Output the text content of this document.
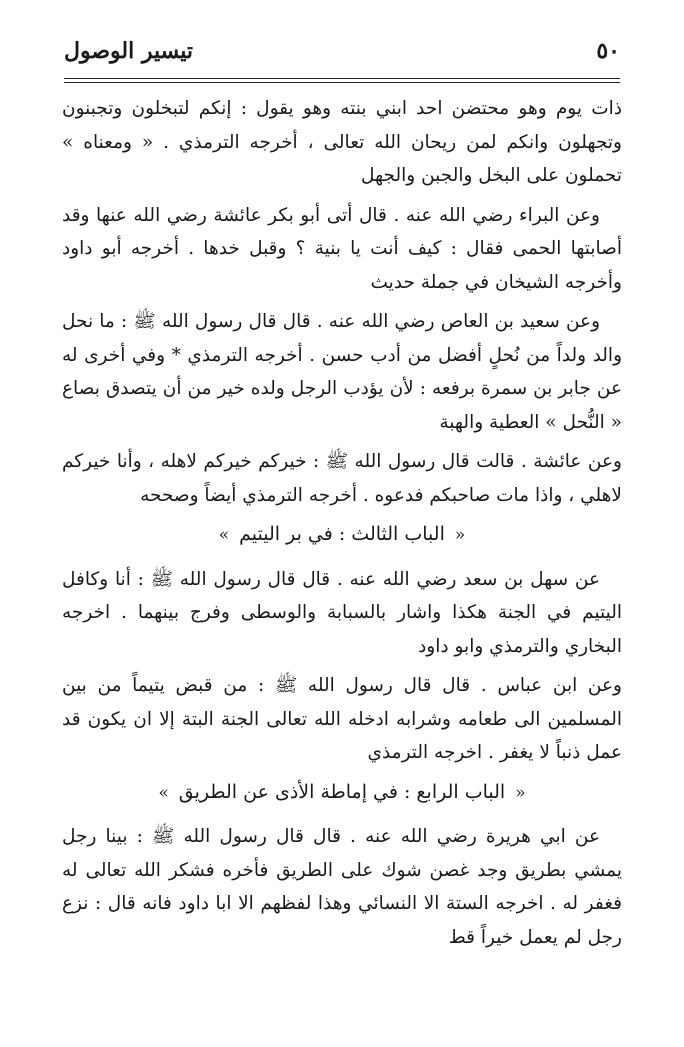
٥٠
تيسير الوصول

ذات يوم وهو محتضن احد ابني بنته وهو يقول : إنكم لتبخلون وتجبنون وتجهلون وانكم لمن ريحان الله تعالى ، أخرجه الترمذي . « ومعناه » تحملون على البخل والجبن والجهل

وعن البراء رضي الله عنه . قال أتى أبو بكر عائشة رضي الله عنها وقد أصابتها الحمى فقال : كيف أنت يا بنية ؟ وقبل خدها . أخرجه أبو داود وأخرجه الشيخان في جملة حديث

وعن سعيد بن العاص رضي الله عنه . قال قال رسول الله ﷺ : ما نحل والد ولداً من نُحلٍ أفضل من أدب حسن . أخرجه الترمذي * وفي أخرى له عن جابر بن سمرة برفعه : لأن يؤدب الرجل ولده خير من أن يتصدق بصاع « النُّحل » العطية والهبة

وعن عائشة . قالت قال رسول الله ﷺ : خيركم خيركم لاهله ، وأنا خيركم لاهلي ، واذا مات صاحبكم فدعوه . أخرجه الترمذي أيضاً وصححه

« الباب الثالث : في بر اليتيم »

عن سهل بن سعد رضي الله عنه . قال قال رسول الله ﷺ : أنا وكافل اليتيم في الجنة هكذا واشار بالسبابة والوسطى وفرج بينهما . اخرجه البخاري والترمذي وابو داود

وعن ابن عباس . قال قال رسول الله ﷺ : من قبض يتيماً من بين المسلمين الى طعامه وشرابه ادخله الله تعالى الجنة البتة إلا ان يكون قد عمل ذنباً لا يغفر . اخرجه الترمذي

« الباب الرابع : في إماطة الأذى عن الطريق »

عن ابي هريرة رضي الله عنه . قال قال رسول الله ﷺ : بينا رجل يمشي بطريق وجد غصن شوك على الطريق فأخره فشكر الله تعالى له فغفر له . اخرجه الستة الا النسائي وهذا لفظهم الا ابا داود فانه قال : نزع رجل لم يعمل خيراً قط
